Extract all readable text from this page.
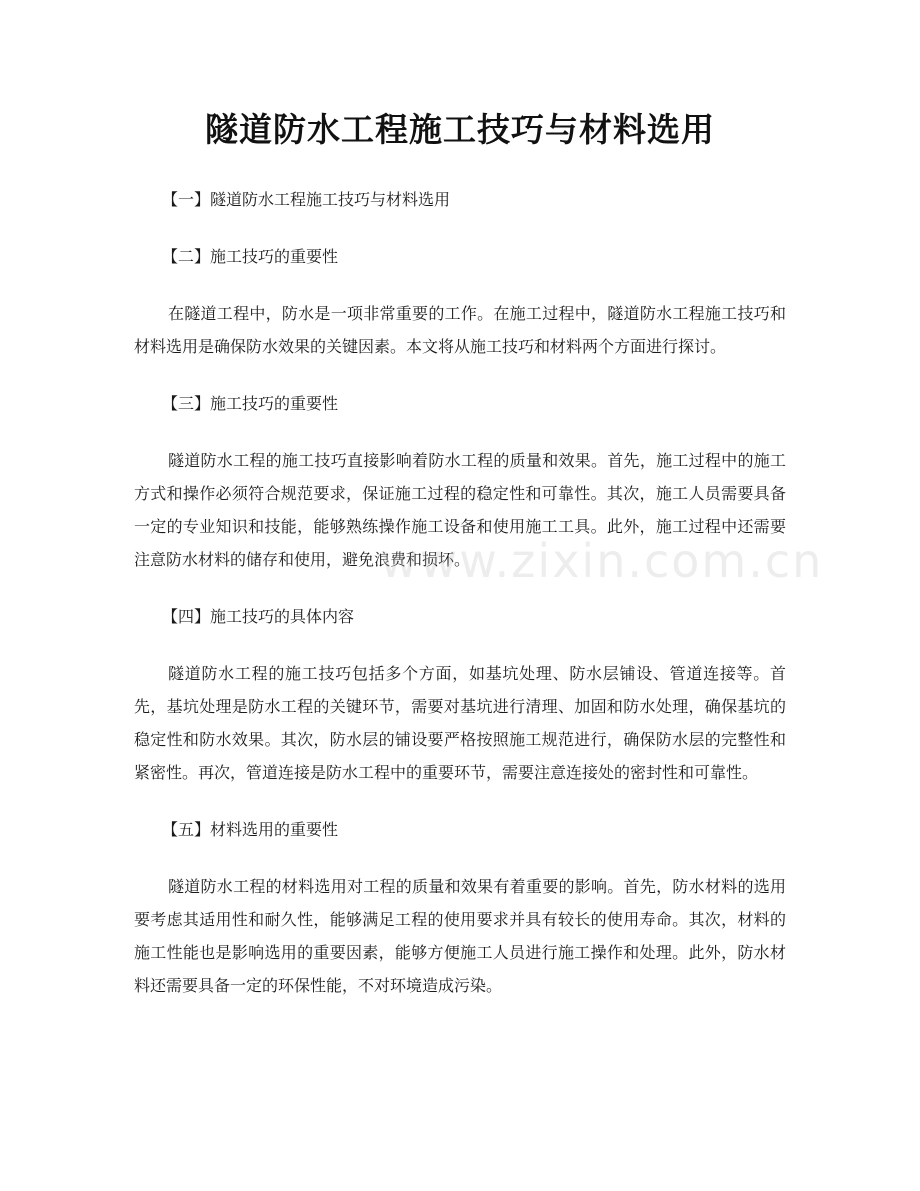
隧道防水工程施工技巧与材料选用

【一】隧道防水工程施工技巧与材料选用

【二】施工技巧的重要性

在隧道工程中，防水是一项非常重要的工作。在施工过程中，隧道防水工程施工技巧和材料选用是确保防水效果的关键因素。本文将从施工技巧和材料两个方面进行探讨。

【三】施工技巧的重要性

隧道防水工程的施工技巧直接影响着防水工程的质量和效果。首先，施工过程中的施工方式和操作必须符合规范要求，保证施工过程的稳定性和可靠性。其次，施工人员需要具备一定的专业知识和技能，能够熟练操作施工设备和使用施工工具。此外，施工过程中还需要注意防水材料的储存和使用，避免浪费和损坏。

【四】施工技巧的具体内容

隧道防水工程的施工技巧包括多个方面，如基坑处理、防水层铺设、管道连接等。首先，基坑处理是防水工程的关键环节，需要对基坑进行清理、加固和防水处理，确保基坑的稳定性和防水效果。其次，防水层的铺设要严格按照施工规范进行，确保防水层的完整性和紧密性。再次，管道连接是防水工程中的重要环节，需要注意连接处的密封性和可靠性。

【五】材料选用的重要性

隧道防水工程的材料选用对工程的质量和效果有着重要的影响。首先，防水材料的选用要考虑其适用性和耐久性，能够满足工程的使用要求并具有较长的使用寿命。其次，材料的施工性能也是影响选用的重要因素，能够方便施工人员进行施工操作和处理。此外，防水材料还需要具备一定的环保性能，不对环境造成污染。

www.zixin.com.cn
